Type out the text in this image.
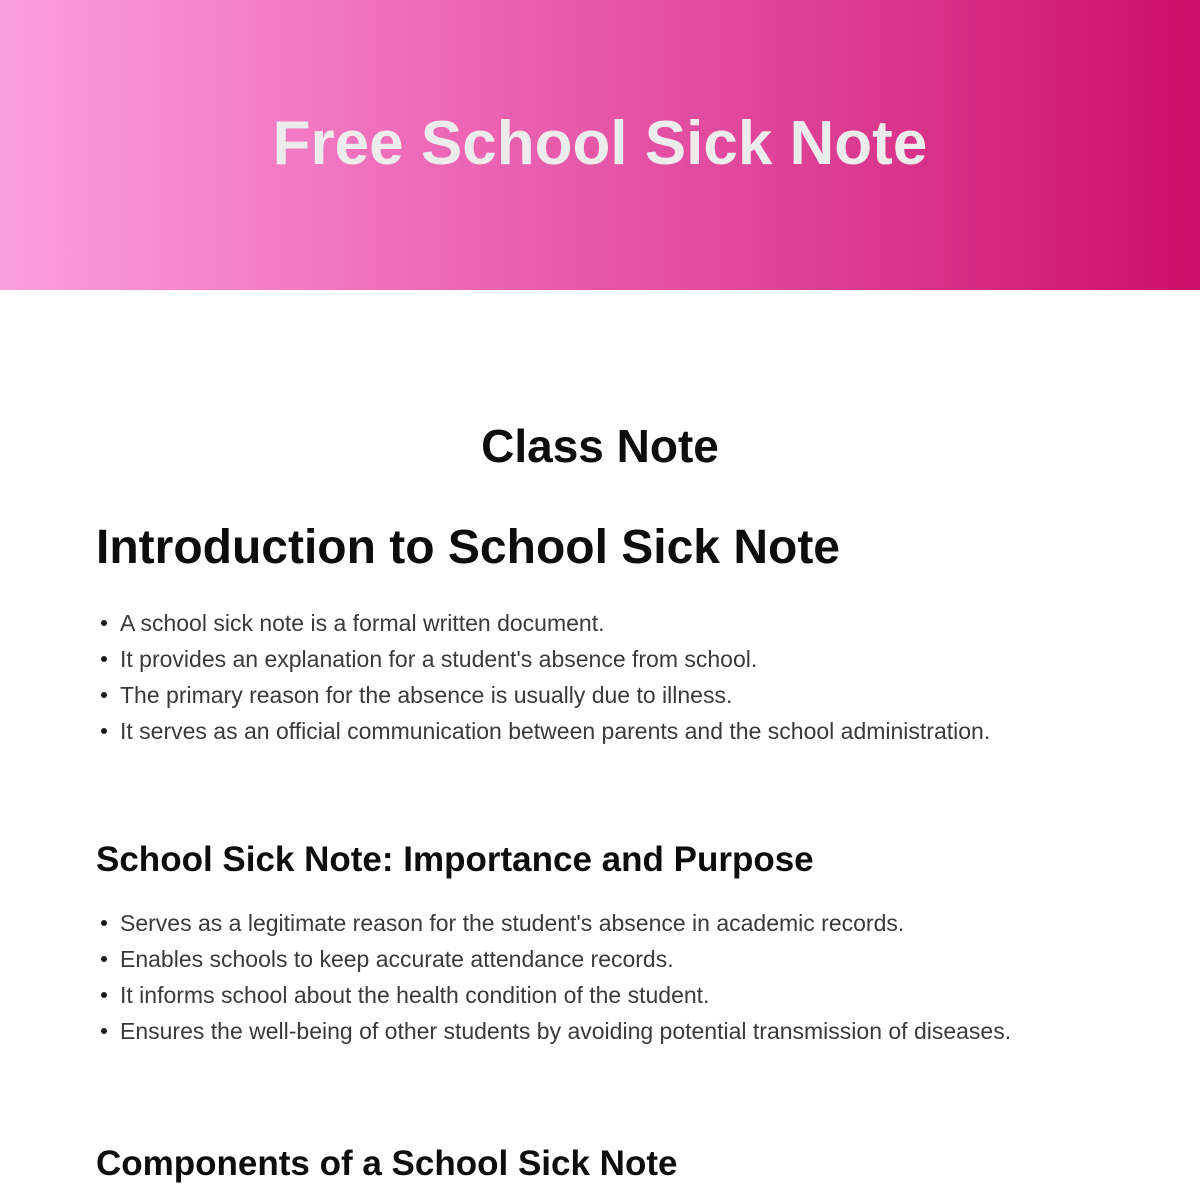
Free School Sick Note
Class Note
Introduction to School Sick Note
A school sick note is a formal written document.
It provides an explanation for a student's absence from school.
The primary reason for the absence is usually due to illness.
It serves as an official communication between parents and the school administration.
School Sick Note: Importance and Purpose
Serves as a legitimate reason for the student's absence in academic records.
Enables schools to keep accurate attendance records.
It informs school about the health condition of the student.
Ensures the well-being of other students by avoiding potential transmission of diseases.
Components of a School Sick Note
